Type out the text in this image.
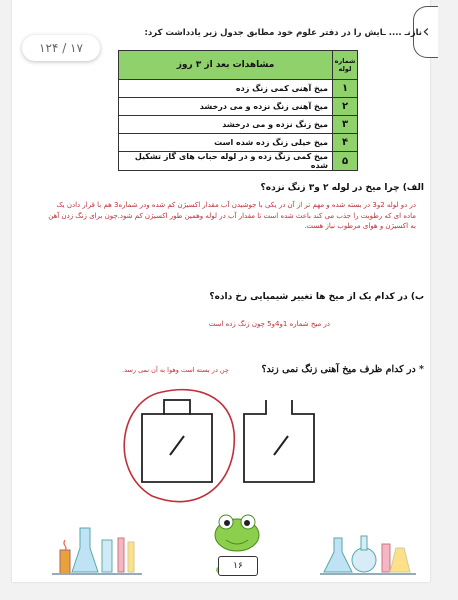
‹
نازنـ .... ـایش را در دفتر علوم خود مطابق جدول زیر یادداشت کرد:
۱۲۴ / ۱۷
شماره لوله	مشاهدات بعد از ۳ روز
۱	میخ آهنی کمی زنگ زده
۲	میخ آهنی زنگ نزده و می درخشد
۳	میخ زنگ نزده و می درخشد
۴	میخ خیلی زنگ زده شده است
۵	میخ کمی زنگ زده و در لوله حباب های گاز تشکیل شده
الف) چرا میخ در لوله ۲ و۳ زنگ نزده؟
در دو لوله 2و3 در بسته شده و مهم تر از آن در یکی با جوشیدن آب مقدار اکسیژن کم شده ودر شماره3 هم با قرار دادن یک ماده ای که رطوبت را جذب می کند باعث شده است تا مقدار آب در لوله وهمین طور اکسیژن کم شود.چون برای زنگ زدن آهن به اکسیژن و هوای مرطوب نیاز هست.
ب) در کدام یک از میخ ها تغییر شیمیایی رخ داده؟
در میخ شماره 1و4و5 چون زنگ زده است
* در کدام ظرف میخ آهنی زنگ نمی زند؟
چن در بسته است وهوا به آن نمی رسد.
۱۶
